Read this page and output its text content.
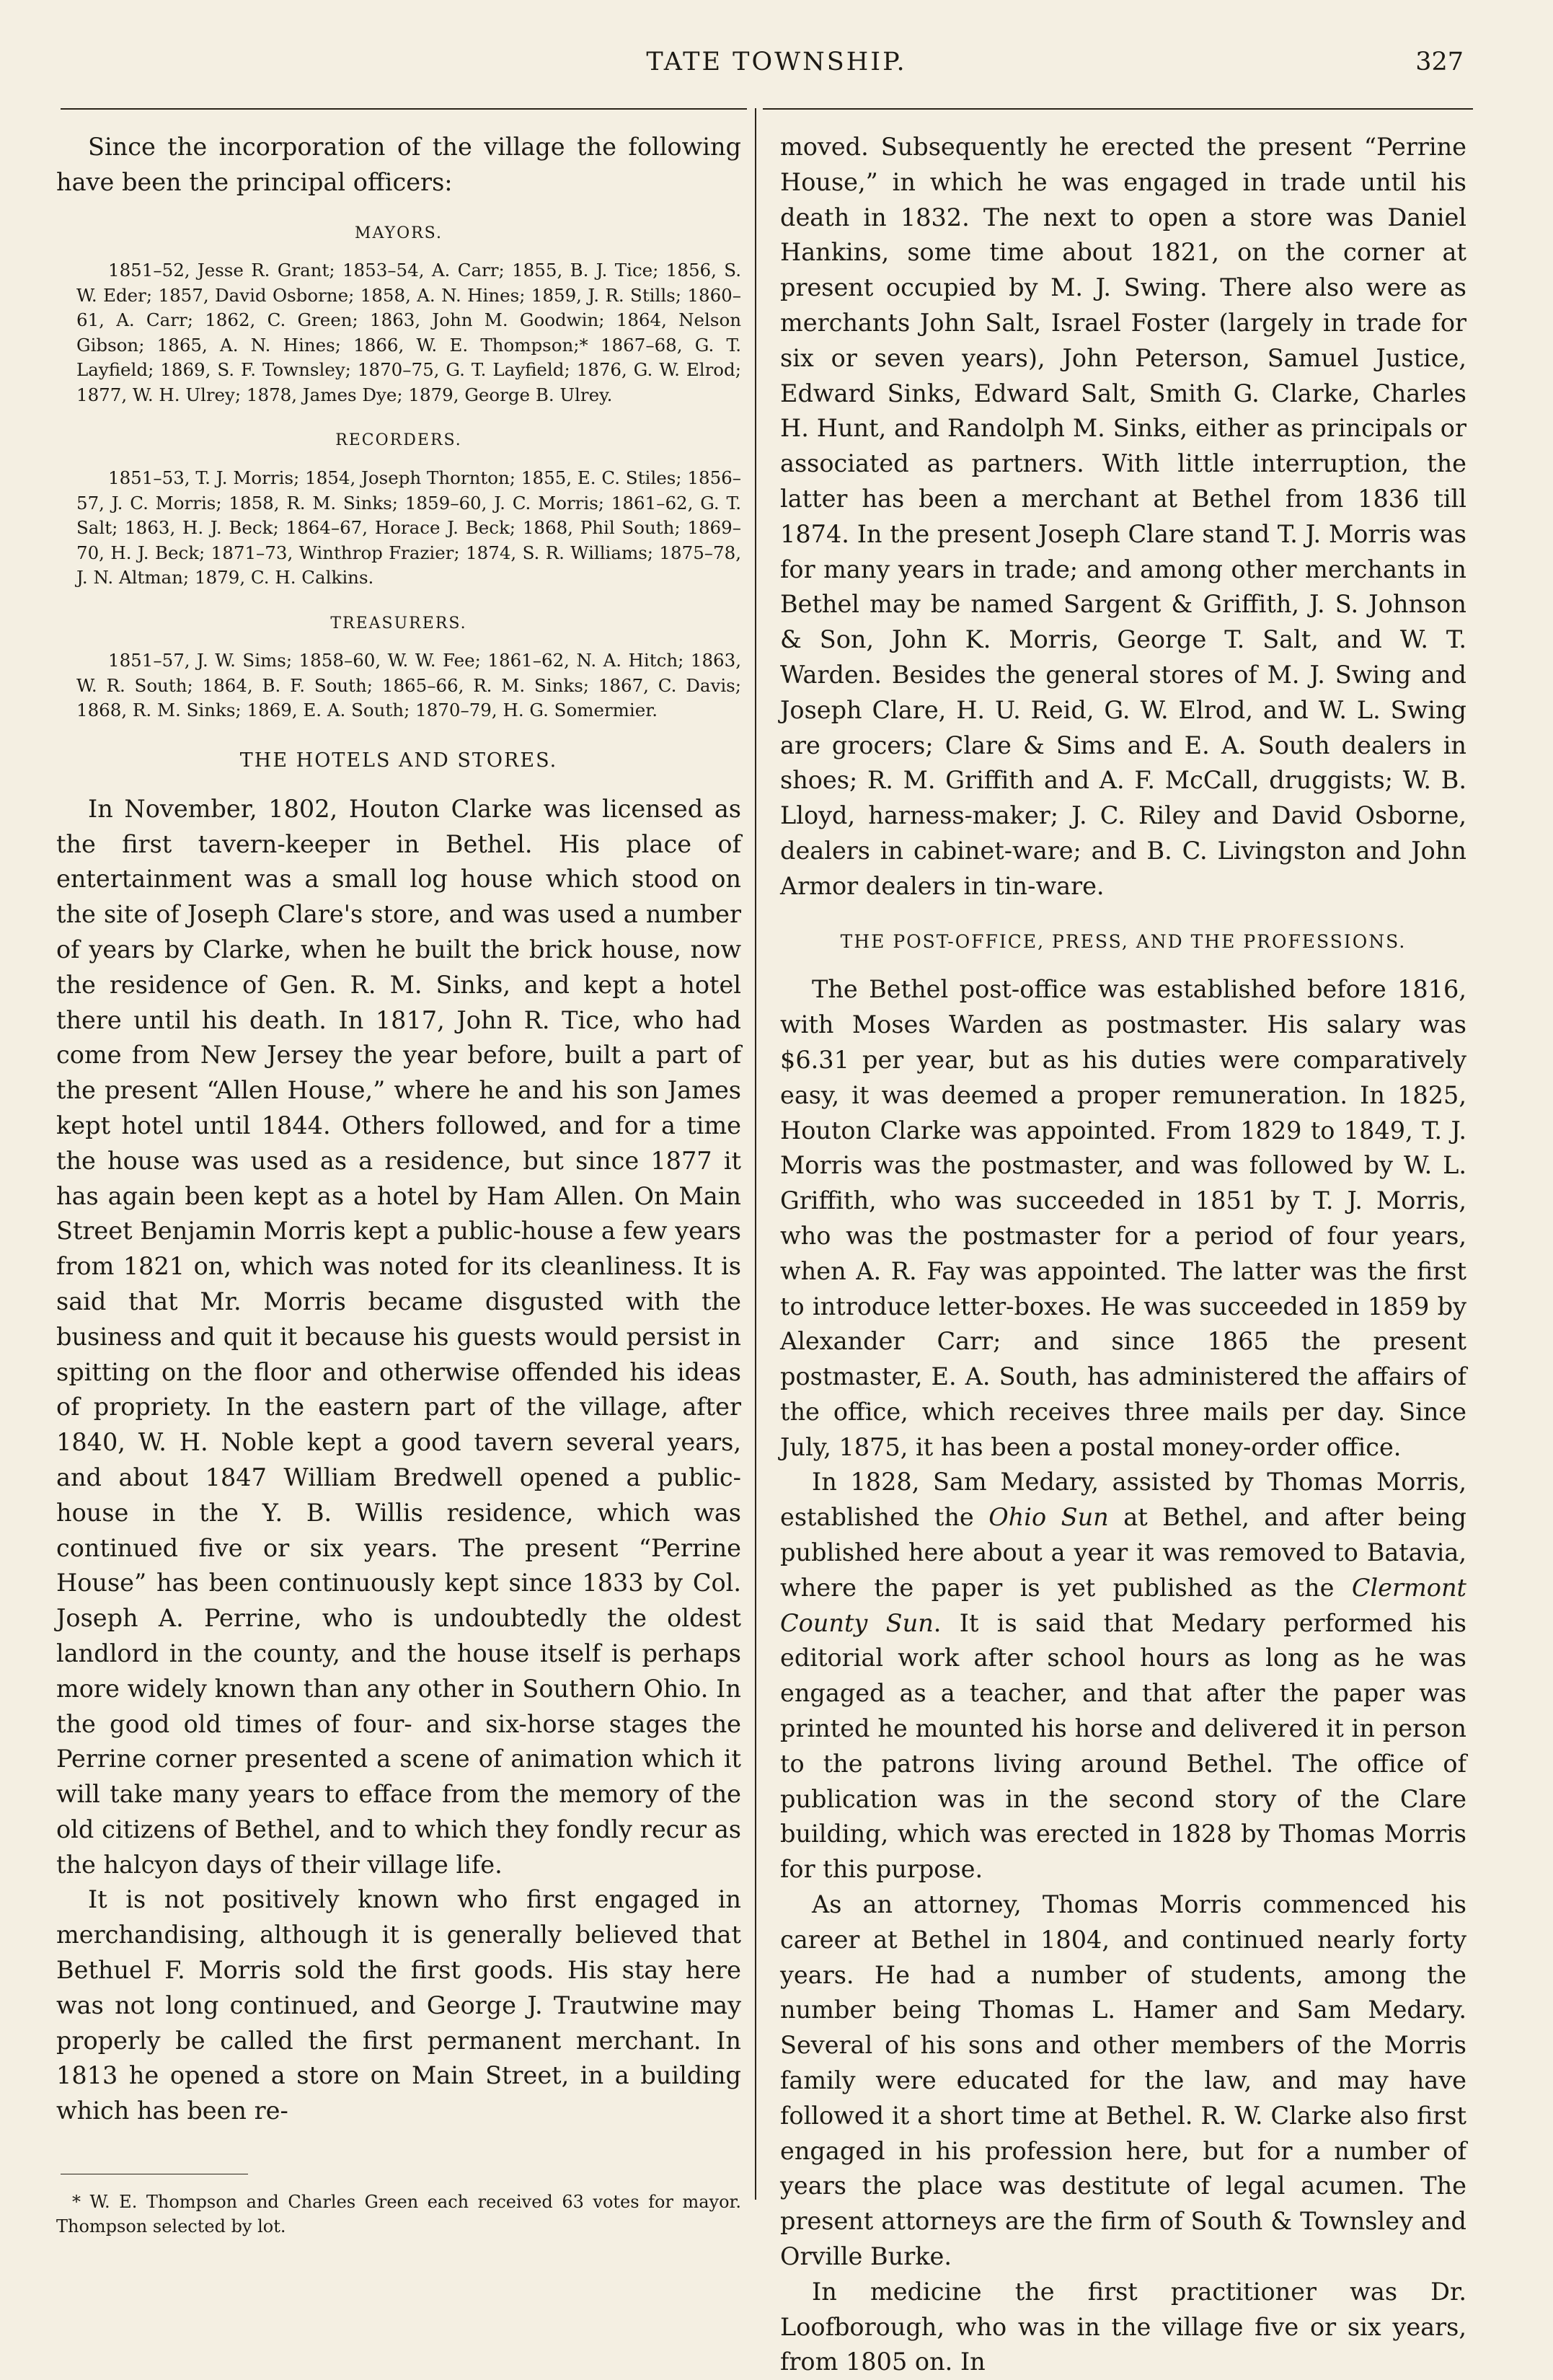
TATE TOWNSHIP.	327

Since the incorporation of the village the following have been the principal officers:

MAYORS.

1851–52, Jesse R. Grant; 1853–54, A. Carr; 1855, B. J. Tice; 1856, S. W. Eder; 1857, David Osborne; 1858, A. N. Hines; 1859, J. R. Stills; 1860–61, A. Carr; 1862, C. Green; 1863, John M. Goodwin; 1864, Nelson Gibson; 1865, A. N. Hines; 1866, W. E. Thompson;* 1867–68, G. T. Layfield; 1869, S. F. Townsley; 1870–75, G. T. Layfield; 1876, G. W. Elrod; 1877, W. H. Ulrey; 1878, James Dye; 1879, George B. Ulrey.

RECORDERS.

1851–53, T. J. Morris; 1854, Joseph Thornton; 1855, E. C. Stiles; 1856–57, J. C. Morris; 1858, R. M. Sinks; 1859–60, J. C. Morris; 1861–62, G. T. Salt; 1863, H. J. Beck; 1864–67, Horace J. Beck; 1868, Phil South; 1869–70, H. J. Beck; 1871–73, Winthrop Frazier; 1874, S. R. Williams; 1875–78, J. N. Altman; 1879, C. H. Calkins.

TREASURERS.

1851–57, J. W. Sims; 1858–60, W. W. Fee; 1861–62, N. A. Hitch; 1863, W. R. South; 1864, B. F. South; 1865–66, R. M. Sinks; 1867, C. Davis; 1868, R. M. Sinks; 1869, E. A. South; 1870–79, H. G. Somermier.

THE HOTELS AND STORES.

In November, 1802, Houton Clarke was licensed as the first tavern-keeper in Bethel. His place of entertainment was a small log house which stood on the site of Joseph Clare's store, and was used a number of years by Clarke, when he built the brick house, now the residence of Gen. R. M. Sinks, and kept a hotel there until his death. In 1817, John R. Tice, who had come from New Jersey the year before, built a part of the present “Allen House,” where he and his son James kept hotel until 1844. Others followed, and for a time the house was used as a residence, but since 1877 it has again been kept as a hotel by Ham Allen. On Main Street Benjamin Morris kept a public-house a few years from 1821 on, which was noted for its cleanliness. It is said that Mr. Morris became disgusted with the business and quit it because his guests would persist in spitting on the floor and otherwise offended his ideas of propriety. In the eastern part of the village, after 1840, W. H. Noble kept a good tavern several years, and about 1847 William Bredwell opened a public-house in the Y. B. Willis residence, which was continued five or six years. The present “Perrine House” has been continuously kept since 1833 by Col. Joseph A. Perrine, who is undoubtedly the oldest landlord in the county, and the house itself is perhaps more widely known than any other in Southern Ohio. In the good old times of four- and six-horse stages the Perrine corner presented a scene of animation which it will take many years to efface from the memory of the old citizens of Bethel, and to which they fondly recur as the halcyon days of their village life.

It is not positively known who first engaged in merchandising, although it is generally believed that Bethuel F. Morris sold the first goods. His stay here was not long continued, and George J. Trautwine may properly be called the first permanent merchant. In 1813 he opened a store on Main Street, in a building which has been re-

* W. E. Thompson and Charles Green each received 63 votes for mayor. Thompson selected by lot.

moved. Subsequently he erected the present “Perrine House,” in which he was engaged in trade until his death in 1832. The next to open a store was Daniel Hankins, some time about 1821, on the corner at present occupied by M. J. Swing. There also were as merchants John Salt, Israel Foster (largely in trade for six or seven years), John Peterson, Samuel Justice, Edward Sinks, Edward Salt, Smith G. Clarke, Charles H. Hunt, and Randolph M. Sinks, either as principals or associated as partners. With little interruption, the latter has been a merchant at Bethel from 1836 till 1874. In the present Joseph Clare stand T. J. Morris was for many years in trade; and among other merchants in Bethel may be named Sargent & Griffith, J. S. Johnson & Son, John K. Morris, George T. Salt, and W. T. Warden. Besides the general stores of M. J. Swing and Joseph Clare, H. U. Reid, G. W. Elrod, and W. L. Swing are grocers; Clare & Sims and E. A. South dealers in shoes; R. M. Griffith and A. F. McCall, druggists; W. B. Lloyd, harness-maker; J. C. Riley and David Osborne, dealers in cabinet-ware; and B. C. Livingston and John Armor dealers in tin-ware.

THE POST-OFFICE, PRESS, AND THE PROFESSIONS.

The Bethel post-office was established before 1816, with Moses Warden as postmaster. His salary was $6.31 per year, but as his duties were comparatively easy, it was deemed a proper remuneration. In 1825, Houton Clarke was appointed. From 1829 to 1849, T. J. Morris was the postmaster, and was followed by W. L. Griffith, who was succeeded in 1851 by T. J. Morris, who was the postmaster for a period of four years, when A. R. Fay was appointed. The latter was the first to introduce letter-boxes. He was succeeded in 1859 by Alexander Carr; and since 1865 the present postmaster, E. A. South, has administered the affairs of the office, which receives three mails per day. Since July, 1875, it has been a postal money-order office.

In 1828, Sam Medary, assisted by Thomas Morris, established the Ohio Sun at Bethel, and after being published here about a year it was removed to Batavia, where the paper is yet published as the Clermont County Sun. It is said that Medary performed his editorial work after school hours as long as he was engaged as a teacher, and that after the paper was printed he mounted his horse and delivered it in person to the patrons living around Bethel. The office of publication was in the second story of the Clare building, which was erected in 1828 by Thomas Morris for this purpose.

As an attorney, Thomas Morris commenced his career at Bethel in 1804, and continued nearly forty years. He had a number of students, among the number being Thomas L. Hamer and Sam Medary. Several of his sons and other members of the Morris family were educated for the law, and may have followed it a short time at Bethel. R. W. Clarke also first engaged in his profession here, but for a number of years the place was destitute of legal acumen. The present attorneys are the firm of South & Townsley and Orville Burke.

In medicine the first practitioner was Dr. Loofborough, who was in the village five or six years, from 1805 on. In
